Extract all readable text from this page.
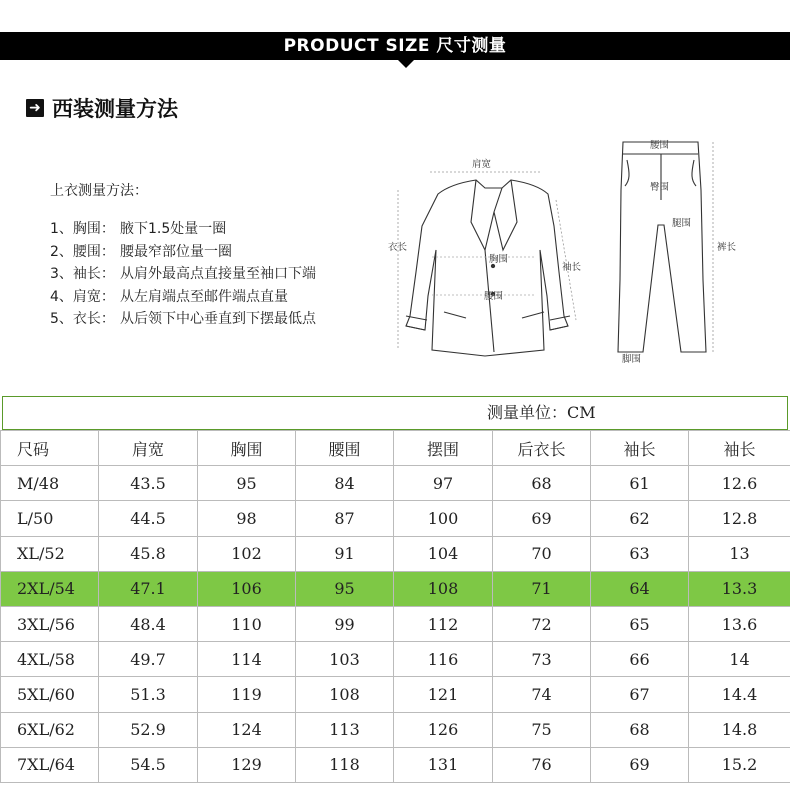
PRODUCT SIZE 尺寸测量
➜ 西装测量方法
上衣测量方法：
1、胸围： 腋下1.5处量一圈
2、腰围： 腰最窄部位量一圈
3、袖长： 从肩外最高点直接量至袖口下端
4、肩宽： 从左肩端点至邮件端点直量
5、衣长： 从后领下中心垂直到下摆最低点
肩宽
衣长
胸围
腰围
袖长
腰围
臀围
腿围
裤长
脚围
测量单位：CM
尺码	肩宽	胸围	腰围	摆围	后衣长	袖长	袖长
M/48	43.5	95	84	97	68	61	12.6
L/50	44.5	98	87	100	69	62	12.8
XL/52	45.8	102	91	104	70	63	13
2XL/54	47.1	106	95	108	71	64	13.3
3XL/56	48.4	110	99	112	72	65	13.6
4XL/58	49.7	114	103	116	73	66	14
5XL/60	51.3	119	108	121	74	67	14.4
6XL/62	52.9	124	113	126	75	68	14.8
7XL/64	54.5	129	118	131	76	69	15.2
